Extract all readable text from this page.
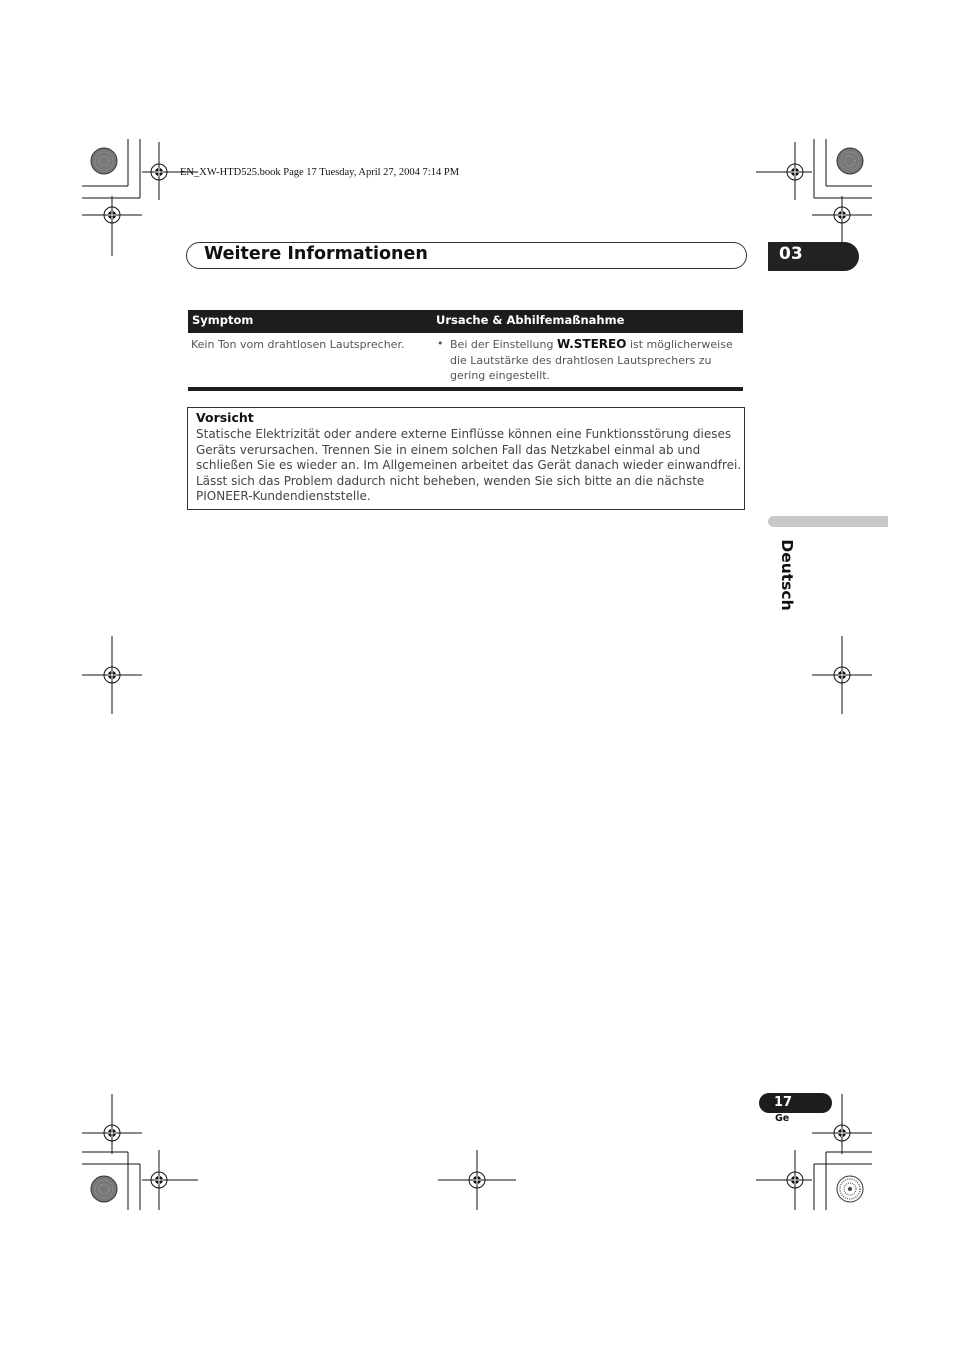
EN_XW-HTD525.book Page 17 Tuesday, April 27, 2004 7:14 PM
Weitere Informationen	03
Symptom	Ursache & Abhilfemaßnahme
Kein Ton vom drahtlosen Lautsprecher.	• Bei der Einstellung W.STEREO ist möglicherweise
die Lautstärke des drahtlosen Lautsprechers zu
gering eingestellt.
Vorsicht
Statische Elektrizität oder andere externe Einflüsse können eine Funktionsstörung dieses
Geräts verursachen. Trennen Sie in einem solchen Fall das Netzkabel einmal ab und
schließen Sie es wieder an. Im Allgemeinen arbeitet das Gerät danach wieder einwandfrei.
Lässt sich das Problem dadurch nicht beheben, wenden Sie sich bitte an die nächste
PIONEER-Kundendienststelle.
Deutsch
17
Ge
